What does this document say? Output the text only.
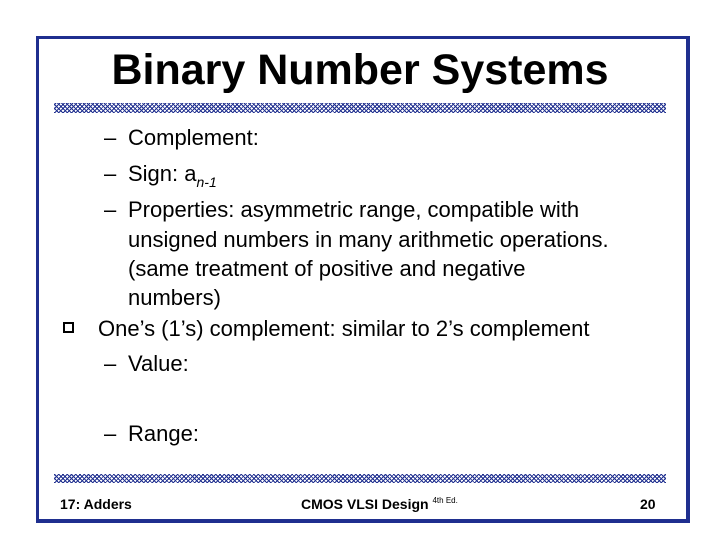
Binary Number Systems
– Complement:
– Sign: $a_{n-1}$
– Properties: asymmetric range, compatible with
unsigned numbers in many arithmetic operations.
(same treatment of positive and negative
numbers)
One’s (1’s) complement: similar to 2’s complement
– Value:
– Range:
17: Adders	CMOS VLSI Design $^{4th Ed.}$	20
